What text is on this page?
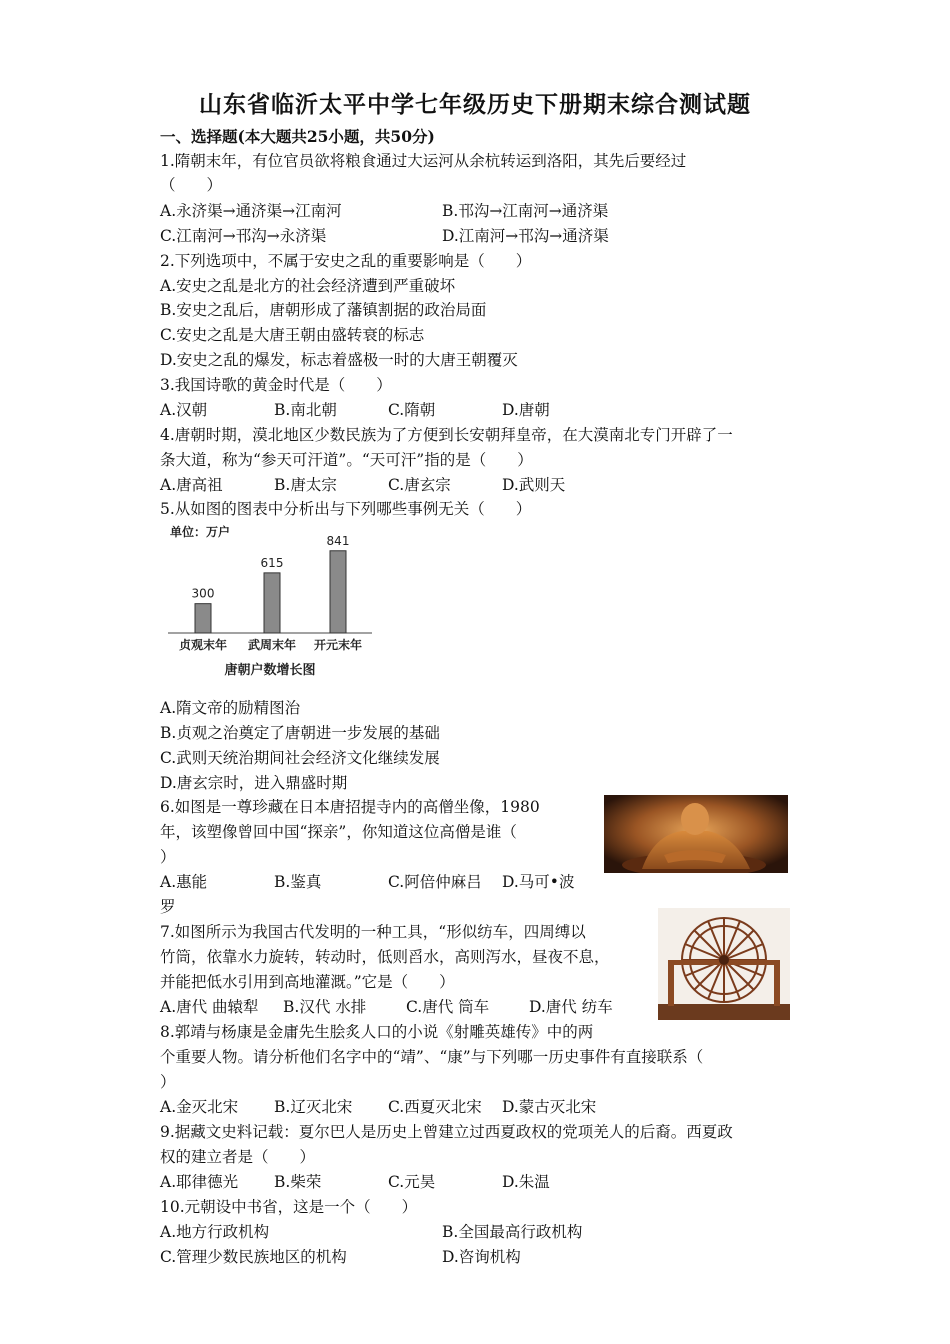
山东省临沂太平中学七年级历史下册期末综合测试题
一、选择题(本大题共25小题，共50分)
1.隋朝末年，有位官员欲将粮食通过大运河从余杭转运到洛阳，其先后要经过
（　　）
A.永济渠→通济渠→江南河	B.邗沟→江南河→通济渠
C.江南河→邗沟→永济渠	D.江南河→邗沟→通济渠
2.下列选项中，不属于安史之乱的重要影响是（　　）
A.安史之乱是北方的社会经济遭到严重破坏
B.安史之乱后，唐朝形成了藩镇割据的政治局面
C.安史之乱是大唐王朝由盛转衰的标志
D.安史之乱的爆发，标志着盛极一时的大唐王朝覆灭
3.我国诗歌的黄金时代是（　　）
A.汉朝	B.南北朝	C.隋朝	D.唐朝
4.唐朝时期，漠北地区少数民族为了方便到长安朝拜皇帝，在大漠南北专门开辟了一
条大道，称为“参天可汗道”。“天可汗”指的是（　　）
A.唐高祖	B.唐太宗	C.唐玄宗	D.武则天
5.从如图的图表中分析出与下列哪些事例无关（　　）
单位：万户
300
贞观末年
615
武周末年
841
开元末年
唐朝户数增长图
A.隋文帝的励精图治
B.贞观之治奠定了唐朝进一步发展的基础
C.武则天统治期间社会经济文化继续发展
D.唐玄宗时，进入鼎盛时期
6.如图是一尊珍藏在日本唐招提寺内的高僧坐像，1980
年，该塑像曾回中国“探亲”，你知道这位高僧是谁（
）
A.惠能	B.鉴真	C.阿倍仲麻吕 D.马可•波
罗
7.如图所示为我国古代发明的一种工具，“形似纺车，四周缚以
竹筒，依靠水力旋转，转动时，低则舀水，高则泻水，昼夜不息，
并能把低水引用到高地灌溉。”它是（　　）
A.唐代 曲辕犁 B.汉代 水排	C.唐代 筒车	D.唐代 纺车
8.郭靖与杨康是金庸先生脍炙人口的小说《射雕英雄传》中的两
个重要人物。请分析他们名字中的“靖”、“康”与下列哪一历史事件有直接联系（
）
A.金灭北宋 B.辽灭北宋 C.西夏灭北宋 D.蒙古灭北宋
9.据藏文史料记载：夏尔巴人是历史上曾建立过西夏政权的党项羌人的后裔。西夏政
权的建立者是（　　）
A.耶律德光 B.柴荣	C.元昊	D.朱温
10.元朝设中书省，这是一个（　　）
A.地方行政机构	B.全国最高行政机构
C.管理少数民族地区的机构	D.咨询机构
